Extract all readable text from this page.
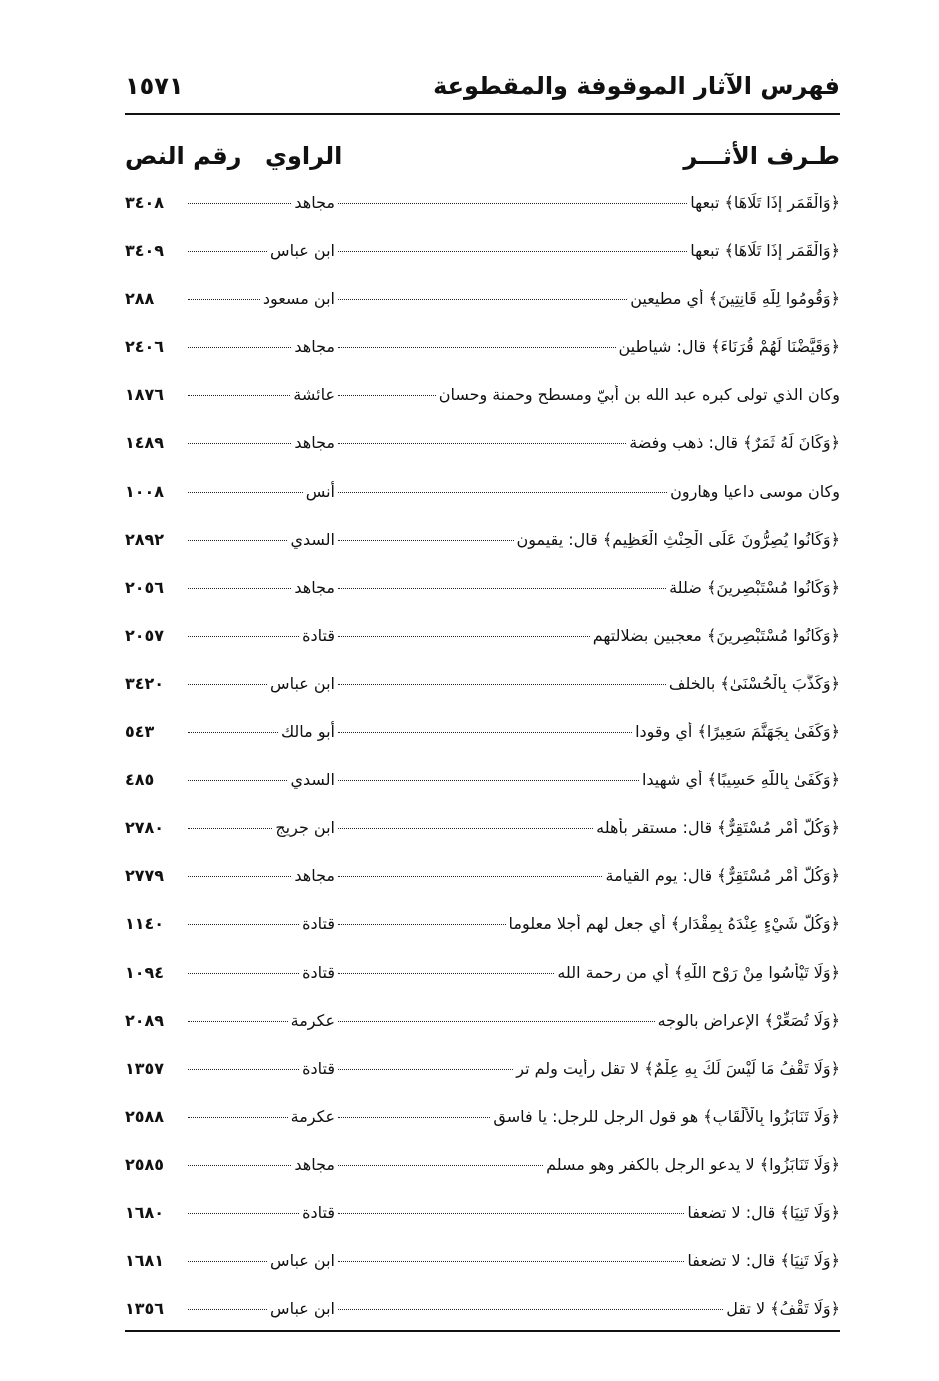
فهرس الآثار الموقوفة والمقطوعة
١٥٧١
طـرف الأثـــر
الراوي
رقم النص
﴿وَالْقَمَرِ إِذَا تَلَاهَا﴾ تبعها
مجاهد
٣٤٠٨
﴿وَالْقَمَرِ إِذَا تَلَاهَا﴾ تبعها
ابن عباس
٣٤٠٩
﴿وَقُومُوا لِلَّهِ قَانِتِينَ﴾ أي مطيعين
ابن مسعود
٢٨٨
﴿وَقَيَّضْنَا لَهُمْ قُرَنَاءَ﴾ قال: شياطين
مجاهد
٢٤٠٦
وكان الذي تولى كبره عبد الله بن أبيّ ومسطح وحمنة وحسان
عائشة
١٨٧٦
﴿وَكَانَ لَهُ ثَمَرٌ﴾ قال: ذهب وفضة
مجاهد
١٤٨٩
وكان موسى داعيا وهارون
أنس
١٠٠٨
﴿وَكَانُوا يُصِرُّونَ عَلَى الْحِنْثِ الْعَظِيمِ﴾ قال: يقيمون
السدي
٢٨٩٢
﴿وَكَانُوا مُسْتَبْصِرِينَ﴾ ضللة
مجاهد
٢٠٥٦
﴿وَكَانُوا مُسْتَبْصِرِينَ﴾ معجبين بضلالتهم
قتادة
٢٠٥٧
﴿وَكَذَّبَ بِالْحُسْنَىٰ﴾ بالخلف
ابن عباس
٣٤٢٠
﴿وَكَفَىٰ بِجَهَنَّمَ سَعِيرًا﴾ أي وقودا
أبو مالك
٥٤٣
﴿وَكَفَىٰ بِاللَّهِ حَسِيبًا﴾ أي شهيدا
السدي
٤٨٥
﴿وَكُلُّ أَمْرٍ مُسْتَقِرٌّ﴾ قال: مستقر بأهله
ابن جريج
٢٧٨٠
﴿وَكُلُّ أَمْرٍ مُسْتَقِرٌّ﴾ قال: يوم القيامة
مجاهد
٢٧٧٩
﴿وَكُلُّ شَيْءٍ عِنْدَهُ بِمِقْدَارٍ﴾ أي جعل لهم أجلا معلوما
قتادة
١١٤٠
﴿وَلَا تَيْأَسُوا مِنْ رَوْحِ اللَّهِ﴾ أي من رحمة الله
قتادة
١٠٩٤
﴿وَلَا تُصَعِّرْ﴾ الإعراض بالوجه
عكرمة
٢٠٨٩
﴿وَلَا تَقْفُ مَا لَيْسَ لَكَ بِهِ عِلْمٌ﴾ لا تقل رأيت ولم تر
قتادة
١٣٥٧
﴿وَلَا تَنَابَزُوا بِالْأَلْقَابِ﴾ هو قول الرجل للرجل: يا فاسق
عكرمة
٢٥٨٨
﴿وَلَا تَنَابَزُوا﴾ لا يدعو الرجل بالكفر وهو مسلم
مجاهد
٢٥٨٥
﴿وَلَا تَنِيَا﴾ قال: لا تضعفا
قتادة
١٦٨٠
﴿وَلَا تَنِيَا﴾ قال: لا تضعفا
ابن عباس
١٦٨١
﴿وَلَا تَقْفُ﴾ لا تقل
ابن عباس
١٣٥٦
